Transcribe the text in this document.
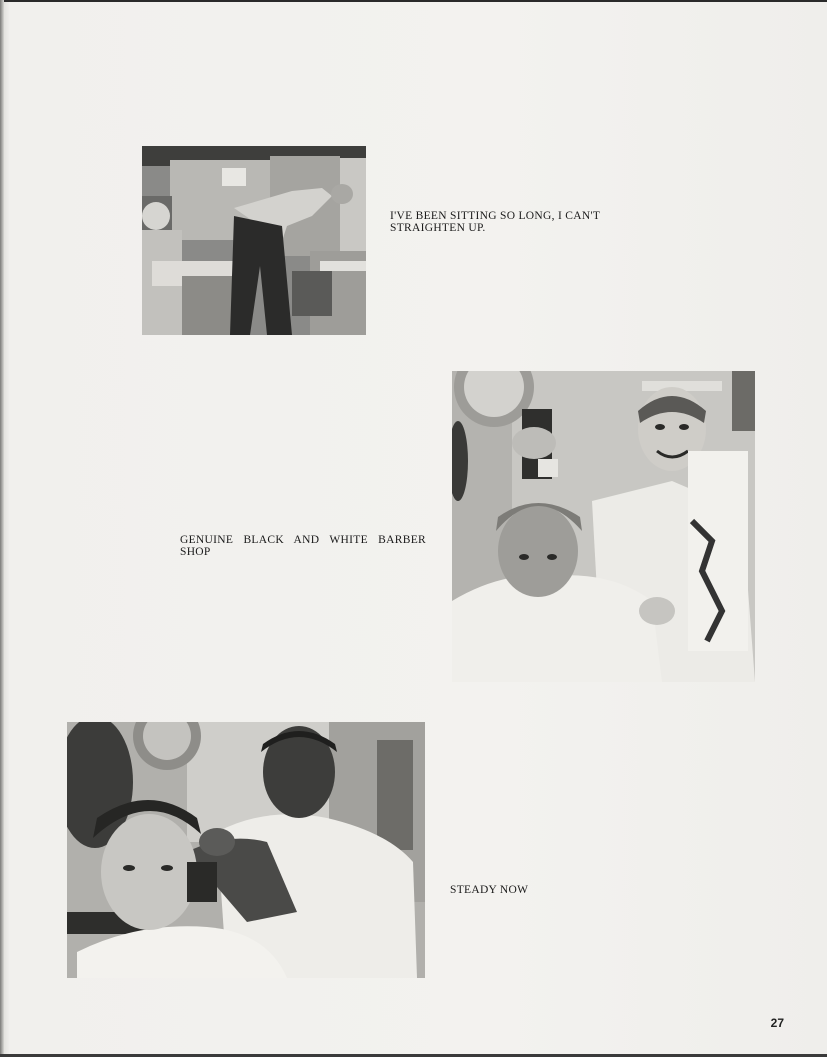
I'VE BEEN SITTING SO LONG, I CAN'T STRAIGHTEN UP.
GENUINE BLACK AND WHITE BARBER SHOP
STEADY NOW
27
